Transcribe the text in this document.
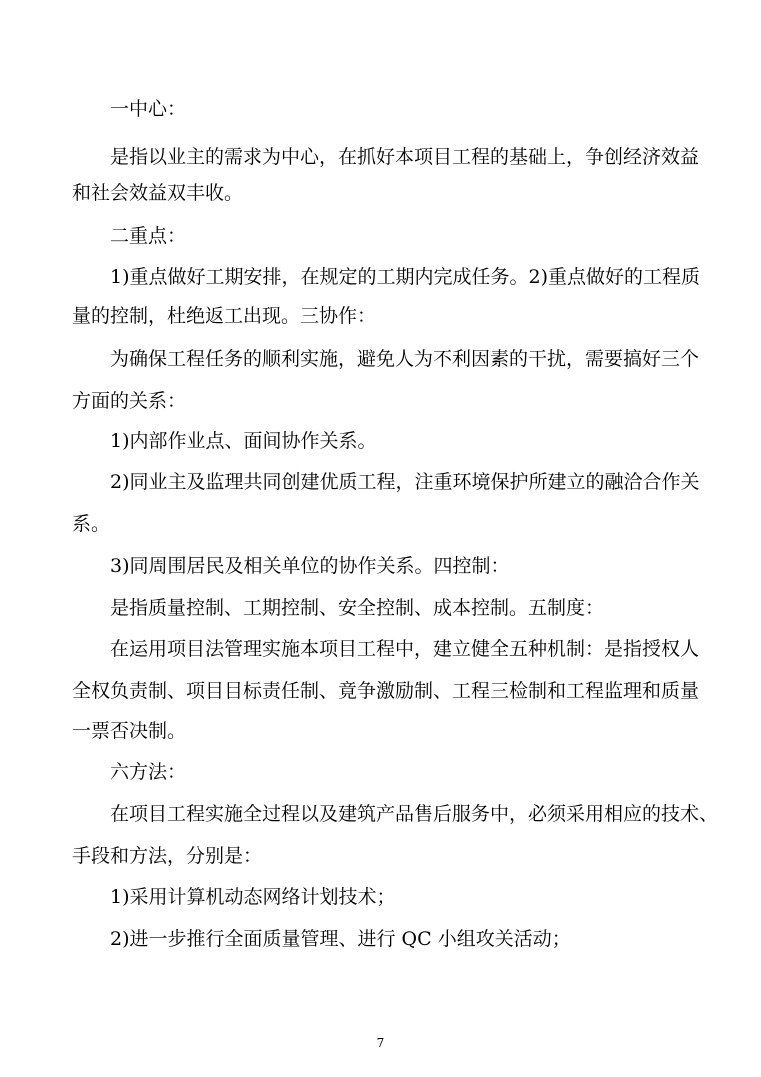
一中心：
是指以业主的需求为中心，在抓好本项目工程的基础上，争创经济效益
和社会效益双丰收。
二重点：
1)重点做好工期安排，在规定的工期内完成任务。2)重点做好的工程质
量的控制，杜绝返工出现。三协作：
为确保工程任务的顺利实施，避免人为不利因素的干扰，需要搞好三个
方面的关系：
1)内部作业点、面间协作关系。
2)同业主及监理共同创建优质工程，注重环境保护所建立的融洽合作关
系。
3)同周围居民及相关单位的协作关系。四控制：
是指质量控制、工期控制、安全控制、成本控制。五制度：
在运用项目法管理实施本项目工程中，建立健全五种机制：是指授权人
全权负责制、项目目标责任制、竟争激励制、工程三检制和工程监理和质量
一票否决制。
六方法：
在项目工程实施全过程以及建筑产品售后服务中，必须采用相应的技术、
手段和方法，分别是：
1)采用计算机动态网络计划技术；
2)进一步推行全面质量管理、进行 QC 小组攻关活动；
7
